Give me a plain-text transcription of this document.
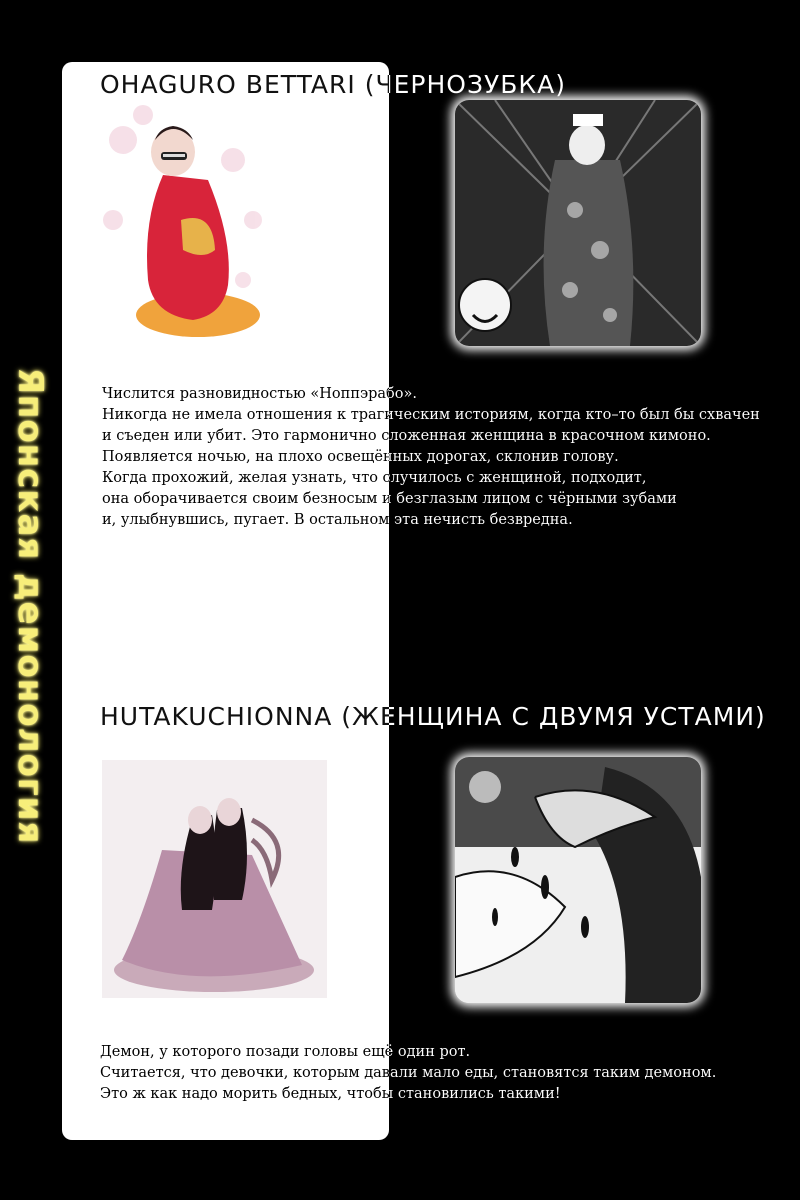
Японская демонология
OHAGURO BETTARI (ЧЕРНОЗУБКА)
Числится разновидностью «Ноппэрабо».
Никогда не имела отношения к трагическим историям, когда кто–то был бы схвачен
и съеден или убит. Это гармонично сложенная женщина в красочном кимоно.
Появляется ночью, на плохо освещённых дорогах, склонив голову.
Когда прохожий, желая узнать, что случилось с женщиной, подходит,
она оборачивается своим безносым и безглазым лицом с чёрными зубами
и, улыбнувшись, пугает. В остальном эта нечисть безвредна.
HUTAKUCHIONNA (ЖЕНЩИНА С ДВУМЯ УСТАМИ)
Демон, у которого позади головы ещё один рот.
Считается, что девочки, которым давали мало еды, становятся таким демоном.
Это ж как надо морить бедных, чтобы становились такими!
